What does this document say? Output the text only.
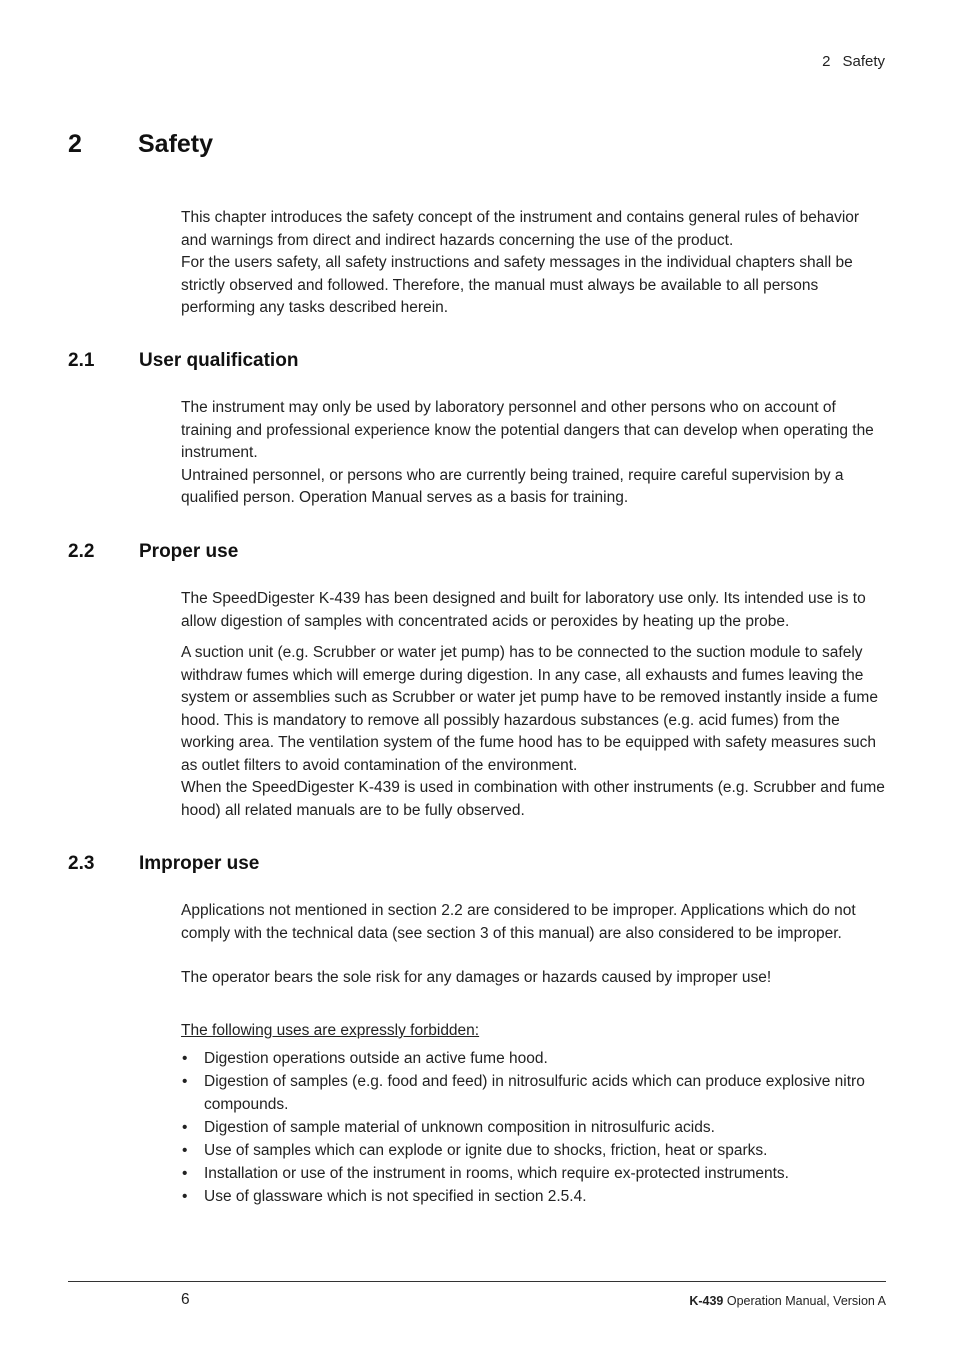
2 Safety
2 Safety

This chapter introduces the safety concept of the instrument and contains general rules of behavior and warnings from direct and indirect hazards concerning the use of the product.

For the users safety, all safety instructions and safety messages in the individual chapters shall be strictly observed and followed. Therefore, the manual must always be available to all persons performing any tasks described herein.

2.1 User qualification

The instrument may only be used by laboratory personnel and other persons who on account of training and professional experience know the potential dangers that can develop when operating the instrument.

Untrained personnel, or persons who are currently being trained, require careful supervision by a qualified person. Operation Manual serves as a basis for training.

2.2 Proper use

The SpeedDigester K-439 has been designed and built for laboratory use only. Its intended use is to allow digestion of samples with concentrated acids or peroxides by heating up the probe.

A suction unit (e.g. Scrubber or water jet pump) has to be connected to the suction module to safely withdraw fumes which will emerge during digestion. In any case, all exhausts and fumes leaving the system or assemblies such as Scrubber or water jet pump have to be removed instantly inside a fume hood. This is mandatory to remove all possibly hazardous substances (e.g. acid fumes) from the working area. The ventilation system of the fume hood has to be equipped with safety measures such as outlet filters to avoid contamination of the environment.

When the SpeedDigester K-439 is used in combination with other instruments (e.g. Scrubber and fume hood) all related manuals are to be fully observed.

2.3 Improper use

Applications not mentioned in section 2.2 are considered to be improper. Applications which do not comply with the technical data (see section 3 of this manual) are also considered to be improper.

The operator bears the sole risk for any damages or hazards caused by improper use!

The following uses are expressly forbidden:
• Digestion operations outside an active fume hood.
• Digestion of samples (e.g. food and feed) in nitrosulfuric acids which can produce explosive nitro compounds.
• Digestion of sample material of unknown composition in nitrosulfuric acids.
• Use of samples which can explode or ignite due to shocks, friction, heat or sparks.
• Installation or use of the instrument in rooms, which require ex-protected instruments.
• Use of glassware which is not specified in section 2.5.4.
6	K-439 Operation Manual, Version A
